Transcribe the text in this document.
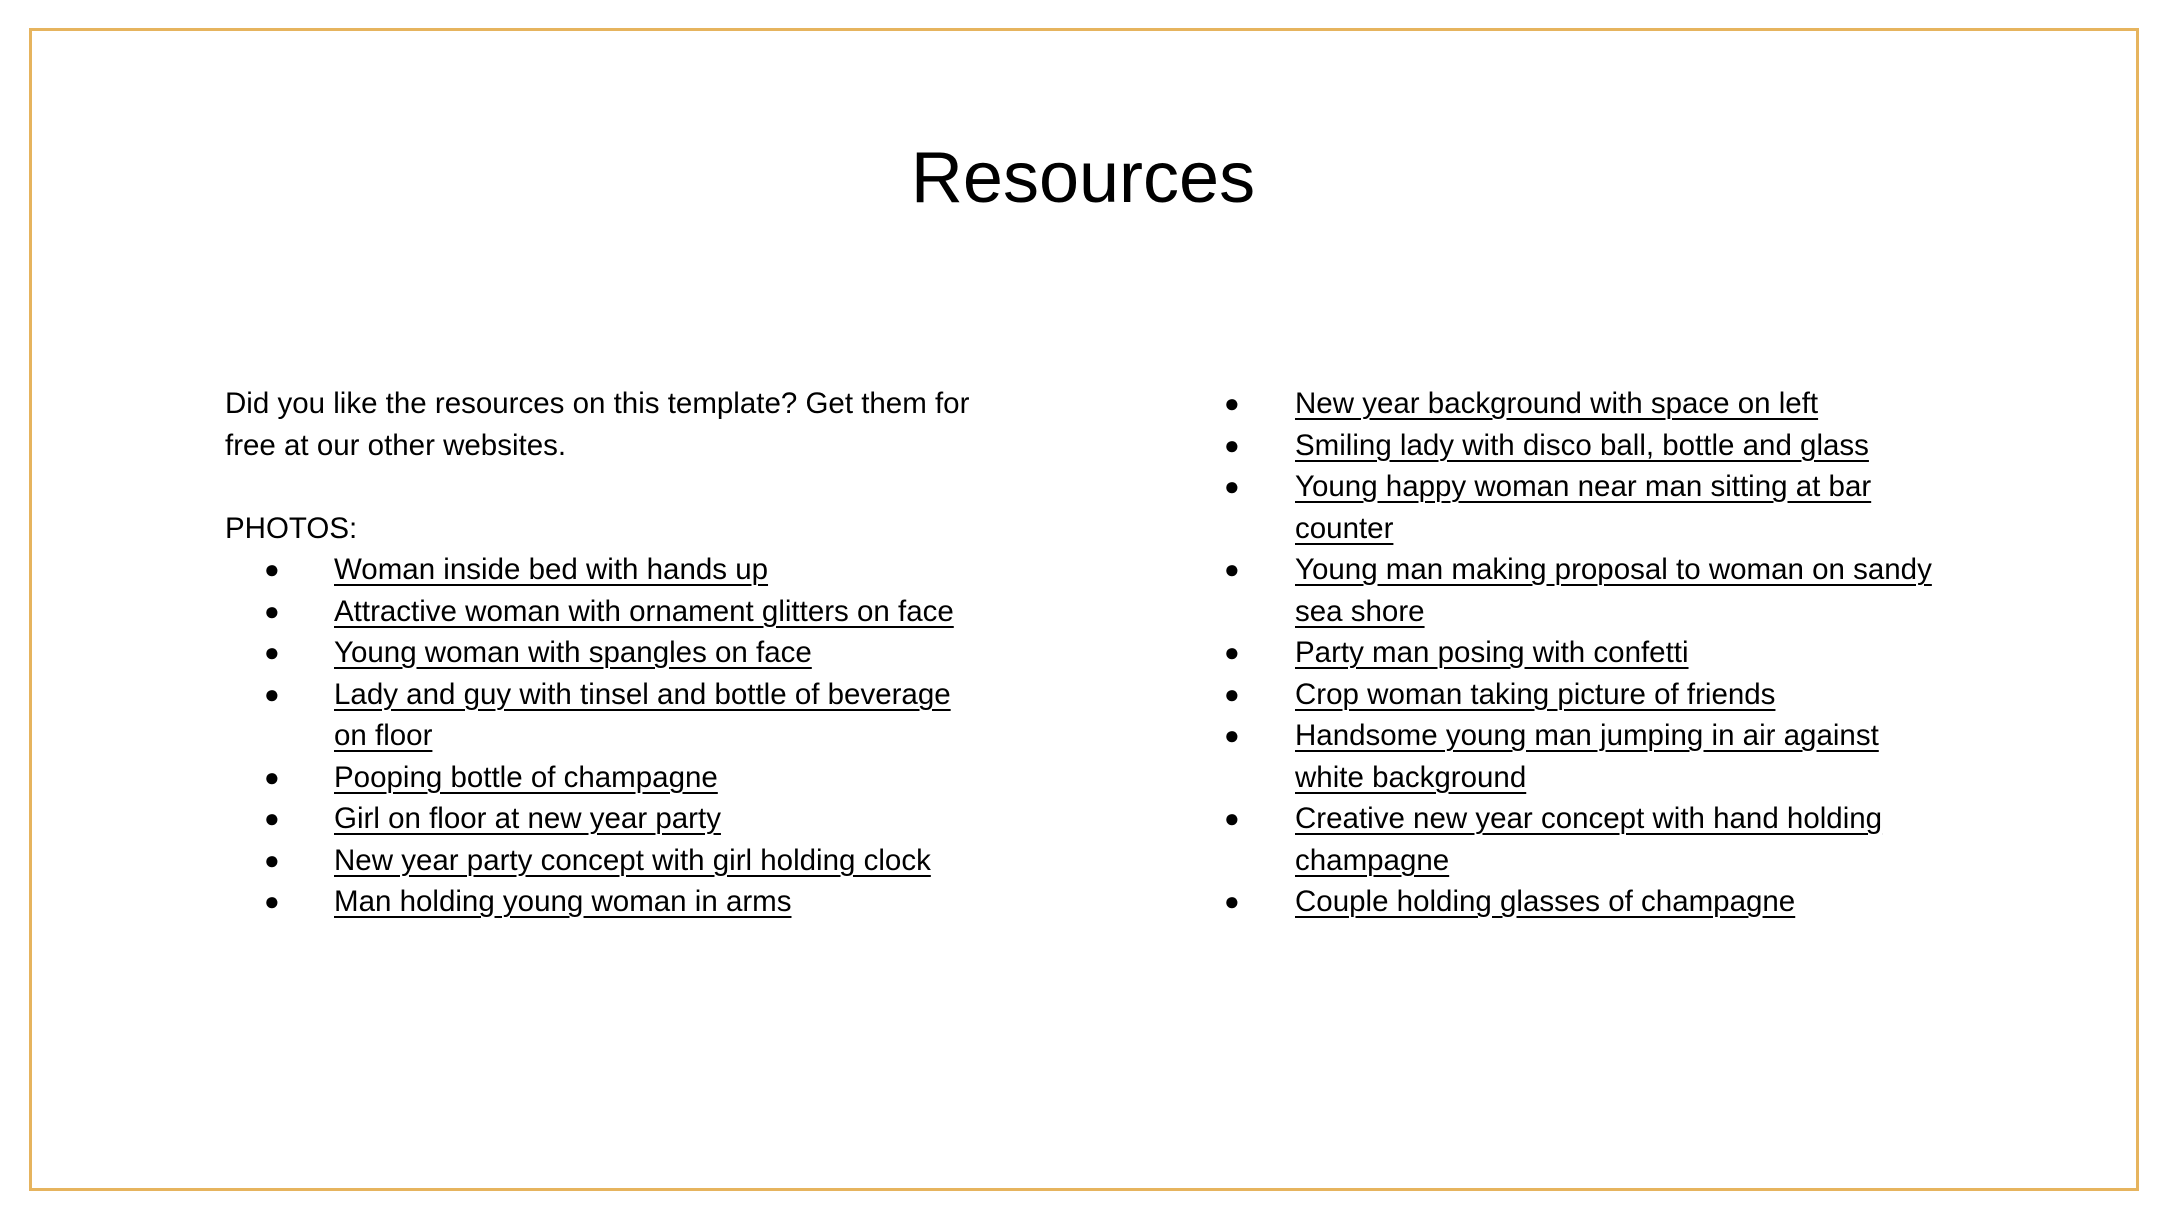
Resources

Did you like the resources on this template? Get them for free at our other websites.

PHOTOS:

● Woman inside bed with hands up
● Attractive woman with ornament glitters on face
● Young woman with spangles on face
● Lady and guy with tinsel and bottle of beverage on floor
● Pooping bottle of champagne
● Girl on floor at new year party
● New year party concept with girl holding clock
● Man holding young woman in arms
● New year background with space on left
● Smiling lady with disco ball, bottle and glass
● Young happy woman near man sitting at bar counter
● Young man making proposal to woman on sandy sea shore
● Party man posing with confetti
● Crop woman taking picture of friends
● Handsome young man jumping in air against white background
● Creative new year concept with hand holding champagne
● Couple holding glasses of champagne
